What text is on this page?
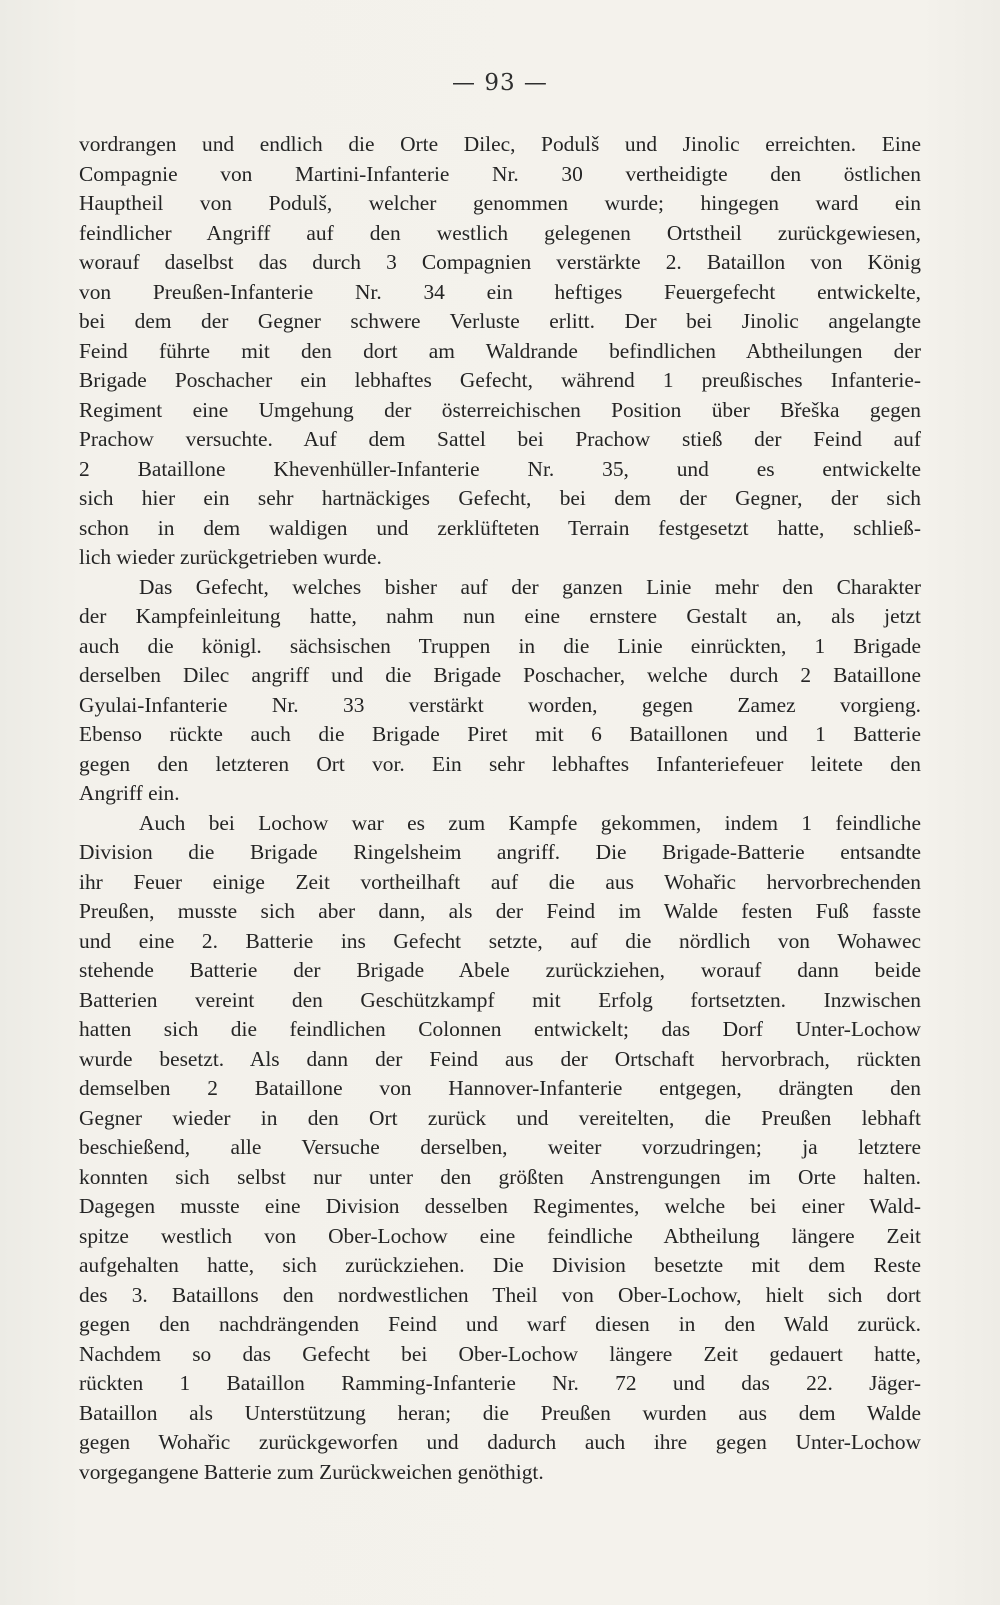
— 93 —
vordrangen und endlich die Orte Dilec, Podulš und Jinolic erreichten. Eine
Compagnie von Martini-Infanterie Nr. 30 vertheidigte den östlichen
Hauptheil von Podulš, welcher genommen wurde; hingegen ward ein
feindlicher Angriff auf den westlich gelegenen Ortstheil zurückgewiesen,
worauf daselbst das durch 3 Compagnien verstärkte 2. Bataillon von König
von Preußen-Infanterie Nr. 34 ein heftiges Feuergefecht entwickelte,
bei dem der Gegner schwere Verluste erlitt. Der bei Jinolic angelangte
Feind führte mit den dort am Waldrande befindlichen Abtheilungen der
Brigade Poschacher ein lebhaftes Gefecht, während 1 preußisches Infanterie-
Regiment eine Umgehung der österreichischen Position über Břeška gegen
Prachow versuchte. Auf dem Sattel bei Prachow stieß der Feind auf
2 Bataillone Khevenhüller-Infanterie Nr. 35, und es entwickelte
sich hier ein sehr hartnäckiges Gefecht, bei dem der Gegner, der sich
schon in dem waldigen und zerklüfteten Terrain festgesetzt hatte, schließ-
lich wieder zurückgetrieben wurde.
Das Gefecht, welches bisher auf der ganzen Linie mehr den Charakter
der Kampfeinleitung hatte, nahm nun eine ernstere Gestalt an, als jetzt
auch die königl. sächsischen Truppen in die Linie einrückten, 1 Brigade
derselben Dilec angriff und die Brigade Poschacher, welche durch 2 Bataillone
Gyulai-Infanterie Nr. 33 verstärkt worden, gegen Zamez vorgieng.
Ebenso rückte auch die Brigade Piret mit 6 Bataillonen und 1 Batterie
gegen den letzteren Ort vor. Ein sehr lebhaftes Infanteriefeuer leitete den
Angriff ein.
Auch bei Lochow war es zum Kampfe gekommen, indem 1 feindliche
Division die Brigade Ringelsheim angriff. Die Brigade-Batterie entsandte
ihr Feuer einige Zeit vortheilhaft auf die aus Wohařic hervorbrechenden
Preußen, musste sich aber dann, als der Feind im Walde festen Fuß fasste
und eine 2. Batterie ins Gefecht setzte, auf die nördlich von Wohawec
stehende Batterie der Brigade Abele zurückziehen, worauf dann beide
Batterien vereint den Geschützkampf mit Erfolg fortsetzten. Inzwischen
hatten sich die feindlichen Colonnen entwickelt; das Dorf Unter-Lochow
wurde besetzt. Als dann der Feind aus der Ortschaft hervorbrach, rückten
demselben 2 Bataillone von Hannover-Infanterie entgegen, drängten den
Gegner wieder in den Ort zurück und vereitelten, die Preußen lebhaft
beschießend, alle Versuche derselben, weiter vorzudringen; ja letztere
konnten sich selbst nur unter den größten Anstrengungen im Orte halten.
Dagegen musste eine Division desselben Regimentes, welche bei einer Wald-
spitze westlich von Ober-Lochow eine feindliche Abtheilung längere Zeit
aufgehalten hatte, sich zurückziehen. Die Division besetzte mit dem Reste
des 3. Bataillons den nordwestlichen Theil von Ober-Lochow, hielt sich dort
gegen den nachdrängenden Feind und warf diesen in den Wald zurück.
Nachdem so das Gefecht bei Ober-Lochow längere Zeit gedauert hatte,
rückten 1 Bataillon Ramming-Infanterie Nr. 72 und das 22. Jäger-
Bataillon als Unterstützung heran; die Preußen wurden aus dem Walde
gegen Wohařic zurückgeworfen und dadurch auch ihre gegen Unter-Lochow
vorgegangene Batterie zum Zurückweichen genöthigt.
